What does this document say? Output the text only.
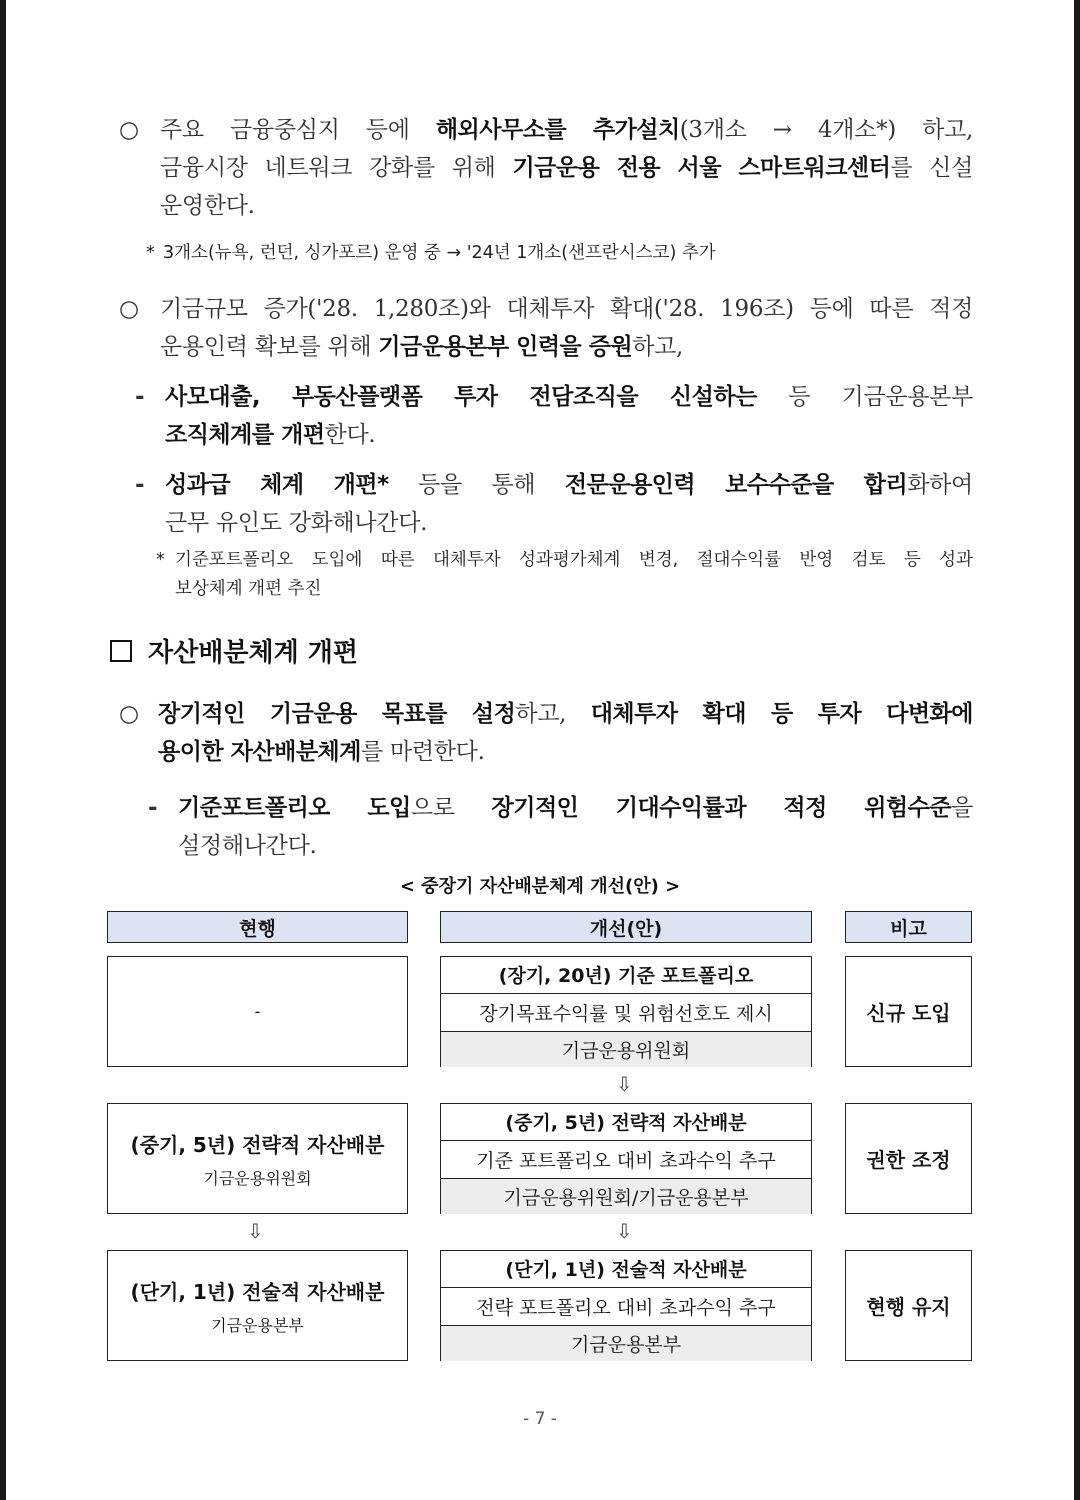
○ 주요 금융중심지 등에 해외사무소를 추가설치(3개소 → 4개소*) 하고,
금융시장 네트워크 강화를 위해 기금운용 전용 서울 스마트워크센터를 신설
운영한다.
* 3개소(뉴욕, 런던, 싱가포르) 운영 중 → '24년 1개소(샌프란시스코) 추가
○ 기금규모 증가('28. 1,280조)와 대체투자 확대('28. 196조) 등에 따른 적정
운용인력 확보를 위해 기금운용본부 인력을 증원하고,
- 사모대출, 부동산플랫폼 투자 전담조직을 신설하는 등 기금운용본부
조직체계를 개편한다.
- 성과급 체계 개편* 등을 통해 전문운용인력 보수수준을 합리화하여
근무 유인도 강화해나간다.
* 기준포트폴리오 도입에 따른 대체투자 성과평가체계 변경, 절대수익률 반영 검토 등 성과
보상체계 개편 추진
자산배분체계 개편
○ 장기적인 기금운용 목표를 설정하고, 대체투자 확대 등 투자 다변화에
용이한 자산배분체계를 마련한다.
- 기준포트폴리오 도입으로 장기적인 기대수익률과 적정 위험수준을
설정해나간다.
< 중장기 자산배분체계 개선(안) >
현행	개선(안)	비고
-
(장기, 20년) 기준 포트폴리오
장기목표수익률 및 위험선호도 제시
기금운용위원회
신규 도입
(중기, 5년) 전략적 자산배분
기금운용위원회
(중기, 5년) 전략적 자산배분
기준 포트폴리오 대비 초과수익 추구
기금운용위원회/기금운용본부
권한 조정
(단기, 1년) 전술적 자산배분
기금운용본부
(단기, 1년) 전술적 자산배분
전략 포트폴리오 대비 초과수익 추구
기금운용본부
현행 유지
⇩
⇩
⇩
- 7 -
